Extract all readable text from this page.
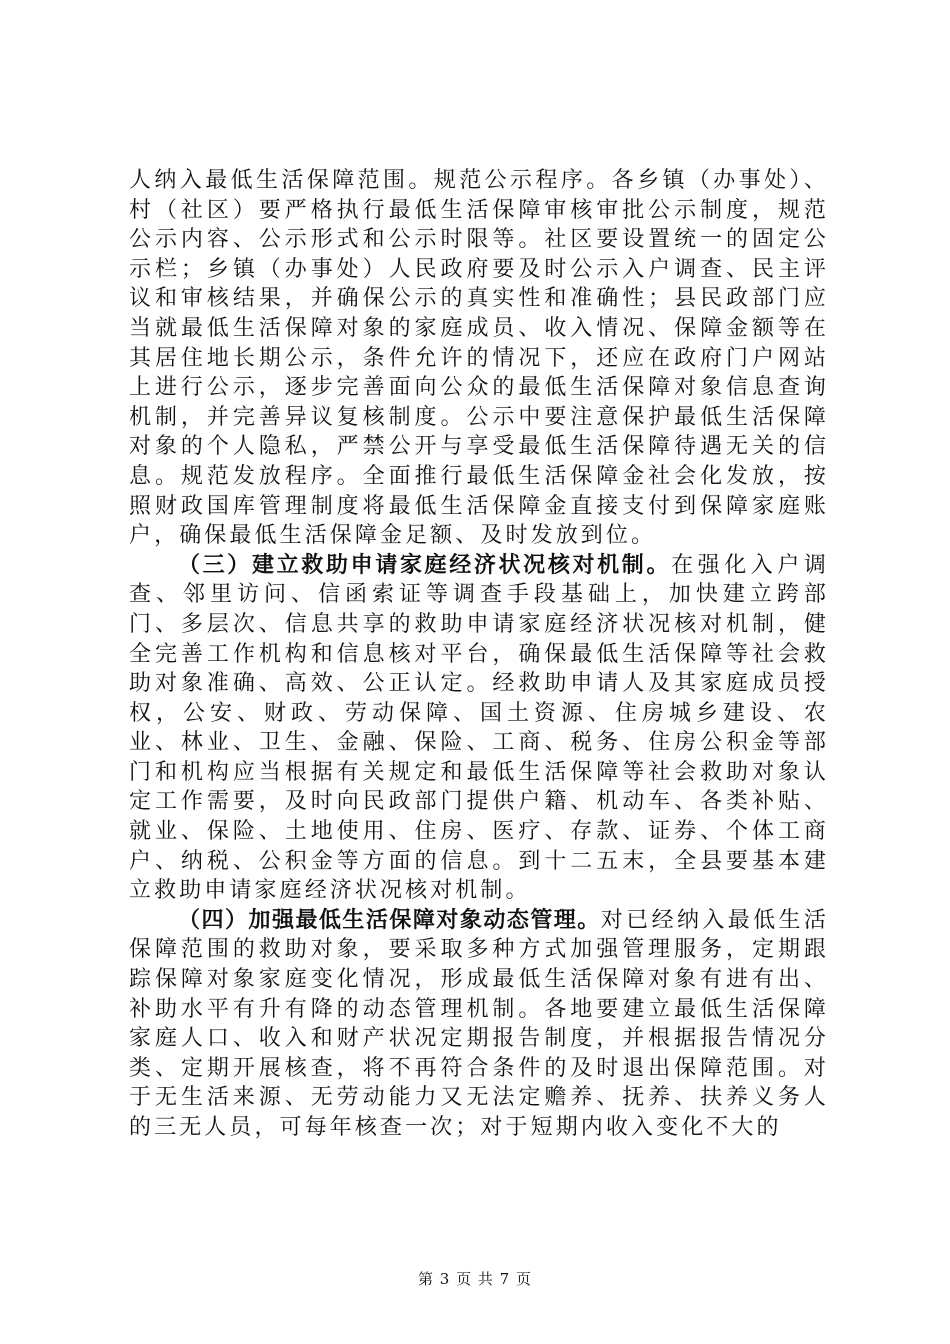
人纳入最低生活保障范围。规范公示程序。各乡镇（办事处）、村（社区）要严格执行最低生活保障审核审批公示制度，规范公示内容、公示形式和公示时限等。社区要设置统一的固定公示栏；乡镇（办事处）人民政府要及时公示入户调查、民主评议和审核结果，并确保公示的真实性和准确性；县民政部门应当就最低生活保障对象的家庭成员、收入情况、保障金额等在其居住地长期公示，条件允许的情况下，还应在政府门户网站上进行公示，逐步完善面向公众的最低生活保障对象信息查询机制，并完善异议复核制度。公示中要注意保护最低生活保障对象的个人隐私，严禁公开与享受最低生活保障待遇无关的信息。规范发放程序。全面推行最低生活保障金社会化发放，按照财政国库管理制度将最低生活保障金直接支付到保障家庭账户，确保最低生活保障金足额、及时发放到位。

（三）建立救助申请家庭经济状况核对机制。在强化入户调查、邻里访问、信函索证等调查手段基础上，加快建立跨部门、多层次、信息共享的救助申请家庭经济状况核对机制，健全完善工作机构和信息核对平台，确保最低生活保障等社会救助对象准确、高效、公正认定。经救助申请人及其家庭成员授权，公安、财政、劳动保障、国土资源、住房城乡建设、农业、林业、卫生、金融、保险、工商、税务、住房公积金等部门和机构应当根据有关规定和最低生活保障等社会救助对象认定工作需要，及时向民政部门提供户籍、机动车、各类补贴、就业、保险、土地使用、住房、医疗、存款、证券、个体工商户、纳税、公积金等方面的信息。到十二五末，全县要基本建立救助申请家庭经济状况核对机制。

（四）加强最低生活保障对象动态管理。对已经纳入最低生活保障范围的救助对象，要采取多种方式加强管理服务，定期跟踪保障对象家庭变化情况，形成最低生活保障对象有进有出、补助水平有升有降的动态管理机制。各地要建立最低生活保障家庭人口、收入和财产状况定期报告制度，并根据报告情况分类、定期开展核查，将不再符合条件的及时退出保障范围。对于无生活来源、无劳动能力又无法定赡养、抚养、扶养义务人的三无人员，可每年核查一次；对于短期内收入变化不大的

第 3 页 共 7 页
